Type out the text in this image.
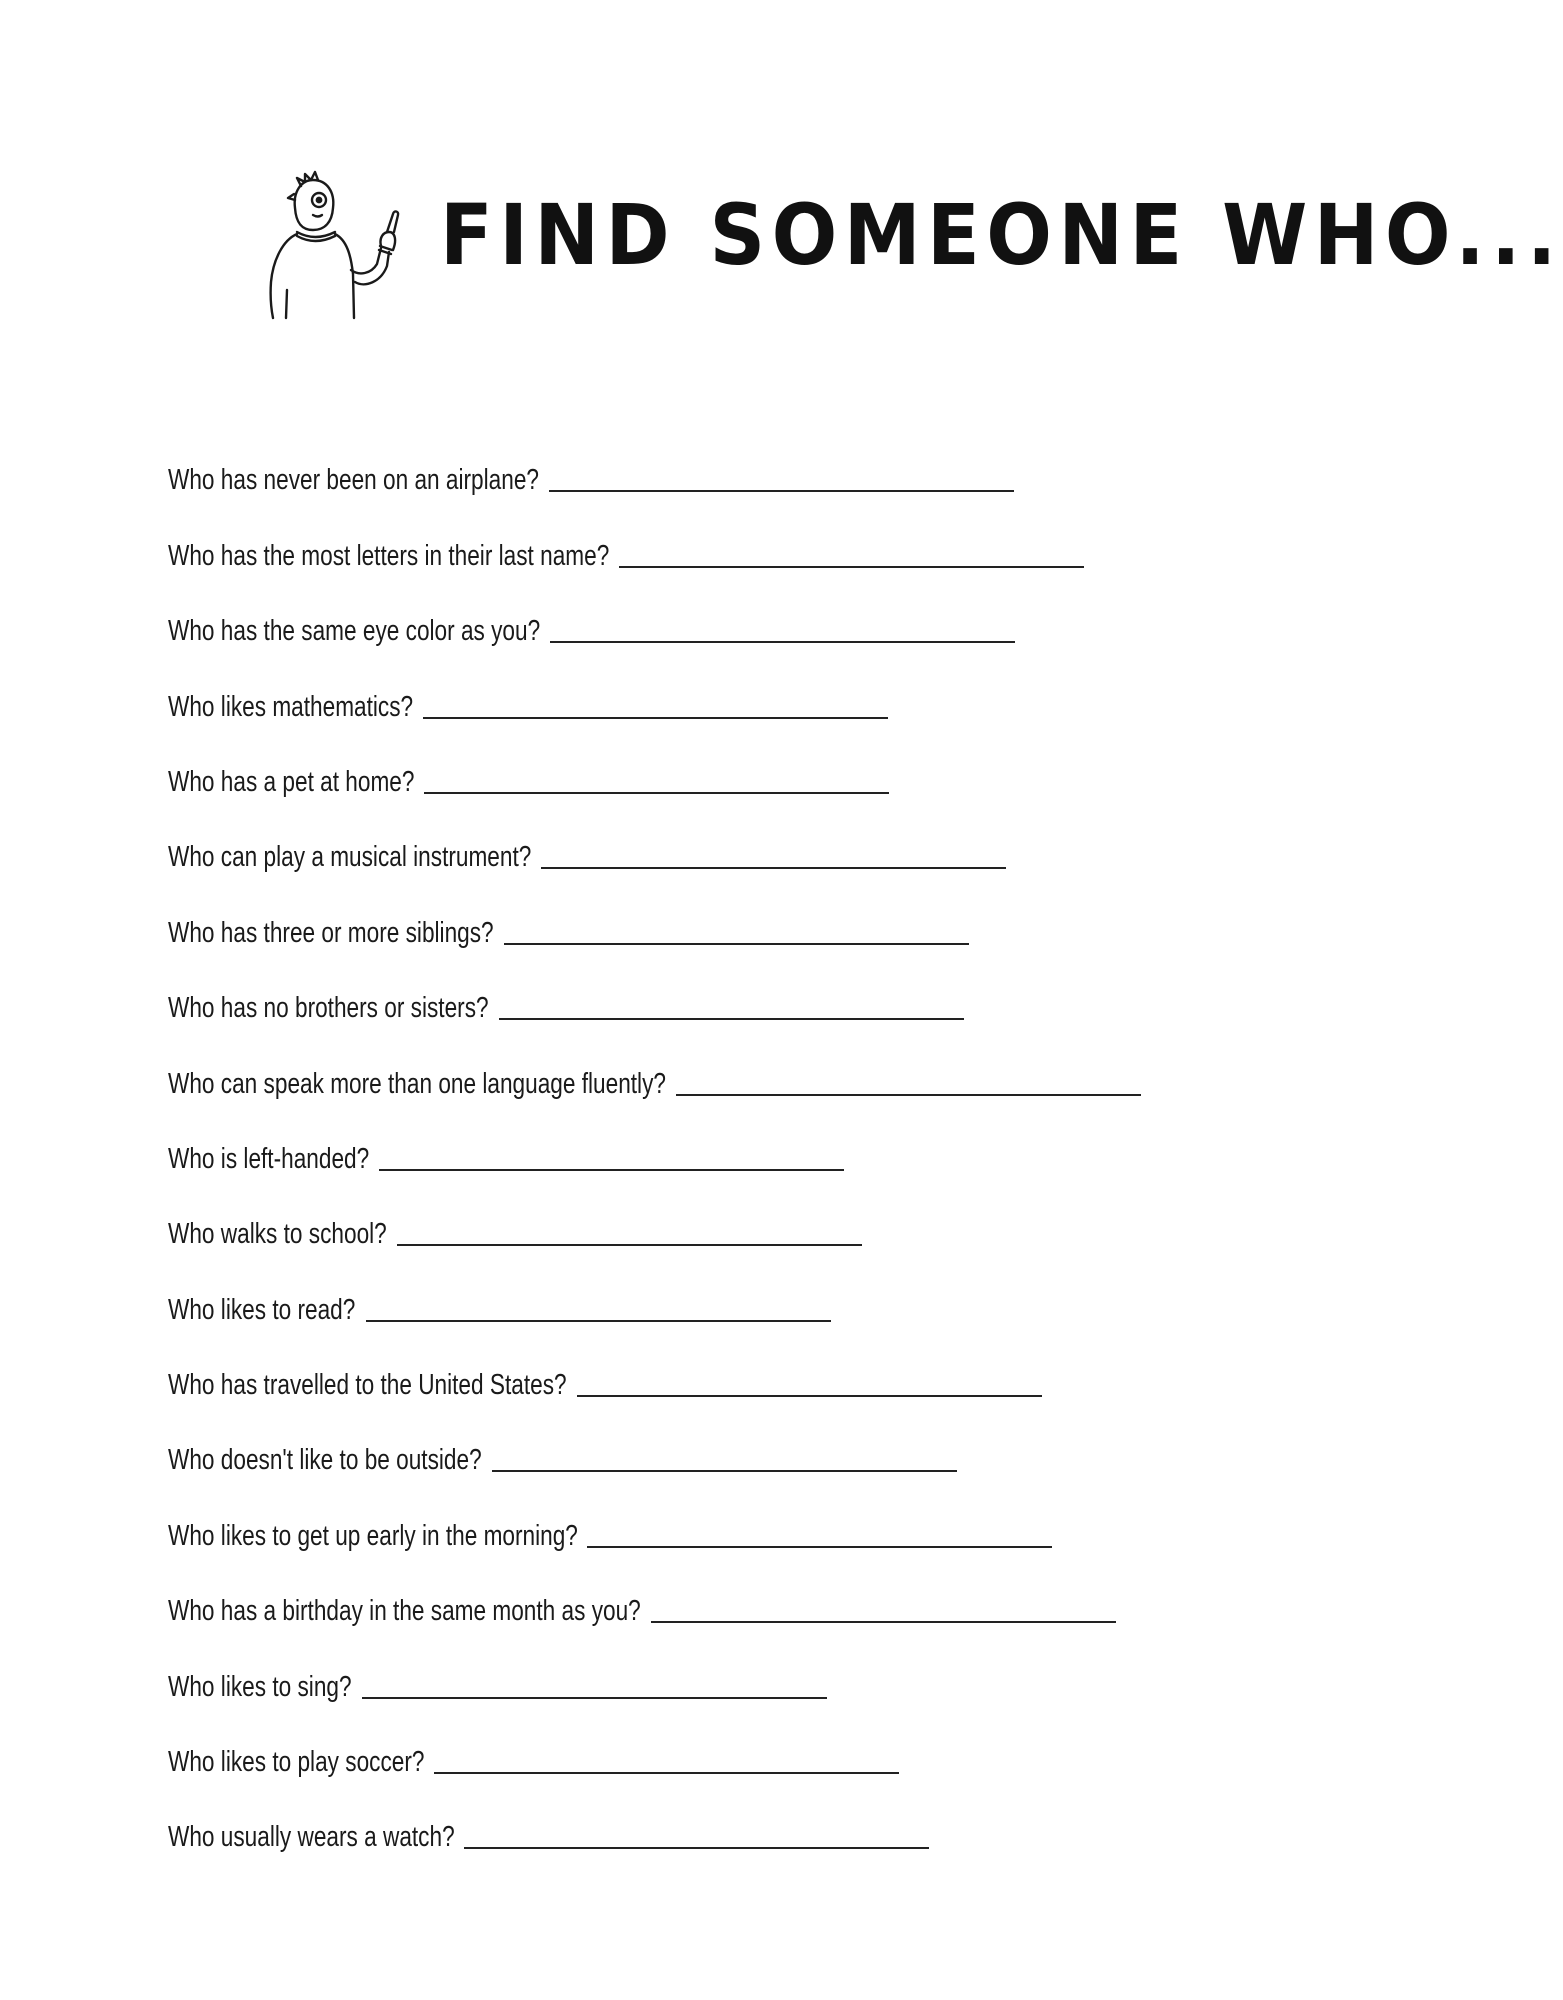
FIND SOMEONE WHO...
Who has never been on an airplane?
Who has the most letters in their last name?
Who has the same eye color as you?
Who likes mathematics?
Who has a pet at home?
Who can play a musical instrument?
Who has three or more siblings?
Who has no brothers or sisters?
Who can speak more than one language fluently?
Who is left-handed?
Who walks to school?
Who likes to read?
Who has travelled to the United States?
Who doesn't like to be outside?
Who likes to get up early in the morning?
Who has a birthday in the same month as you?
Who likes to sing?
Who likes to play soccer?
Who usually wears a watch?
